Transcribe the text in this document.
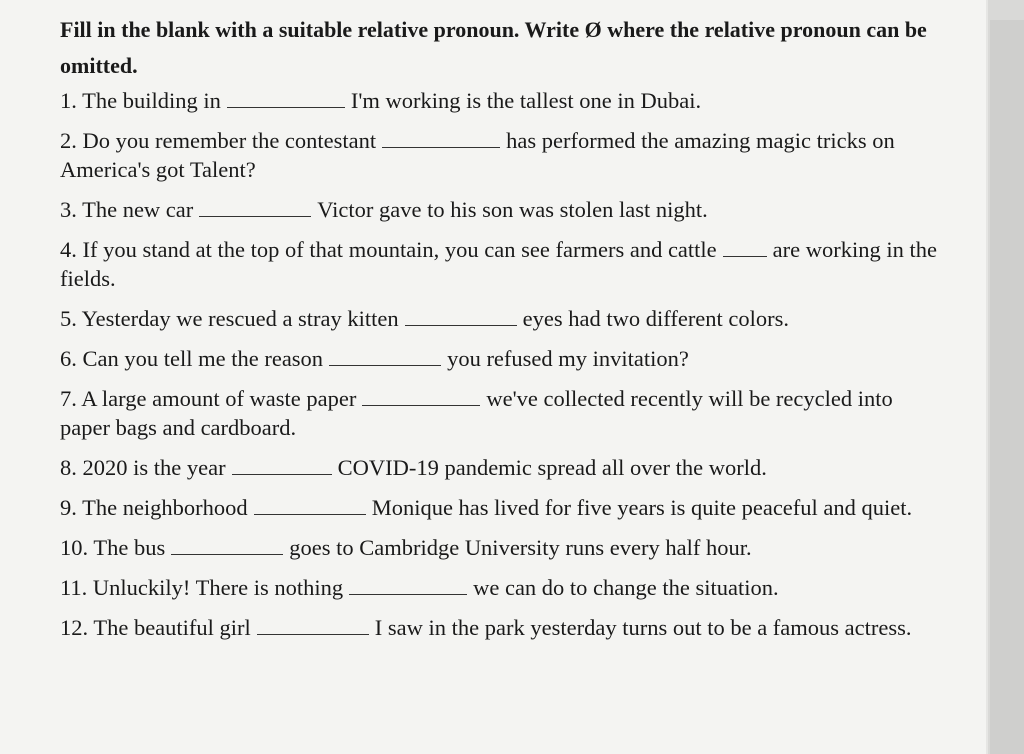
Fill in the blank with a suitable relative pronoun. Write Ø where the relative pronoun can be omitted.

1. The building in	I'm working is the tallest one in Dubai.
2. Do you remember the contestant	has performed the amazing magic tricks on America's got Talent?
3. The new car	Victor gave to his son was stolen last night.
4. If you stand at the top of that mountain, you can see farmers and cattle are working in the fields.
5. Yesterday we rescued a stray kitten	eyes had two different colors.
6. Can you tell me the reason	you refused my invitation?
7. A large amount of waste paper	we've collected recently will be recycled into paper bags and cardboard.
8. 2020 is the year	COVID-19 pandemic spread all over the world.
9. The neighborhood	Monique has lived for five years is quite peaceful and quiet.
10. The bus	goes to Cambridge University runs every half hour.
11. Unluckily! There is nothing	we can do to change the situation.
12. The beautiful girl	I saw in the park yesterday turns out to be a famous actress.
